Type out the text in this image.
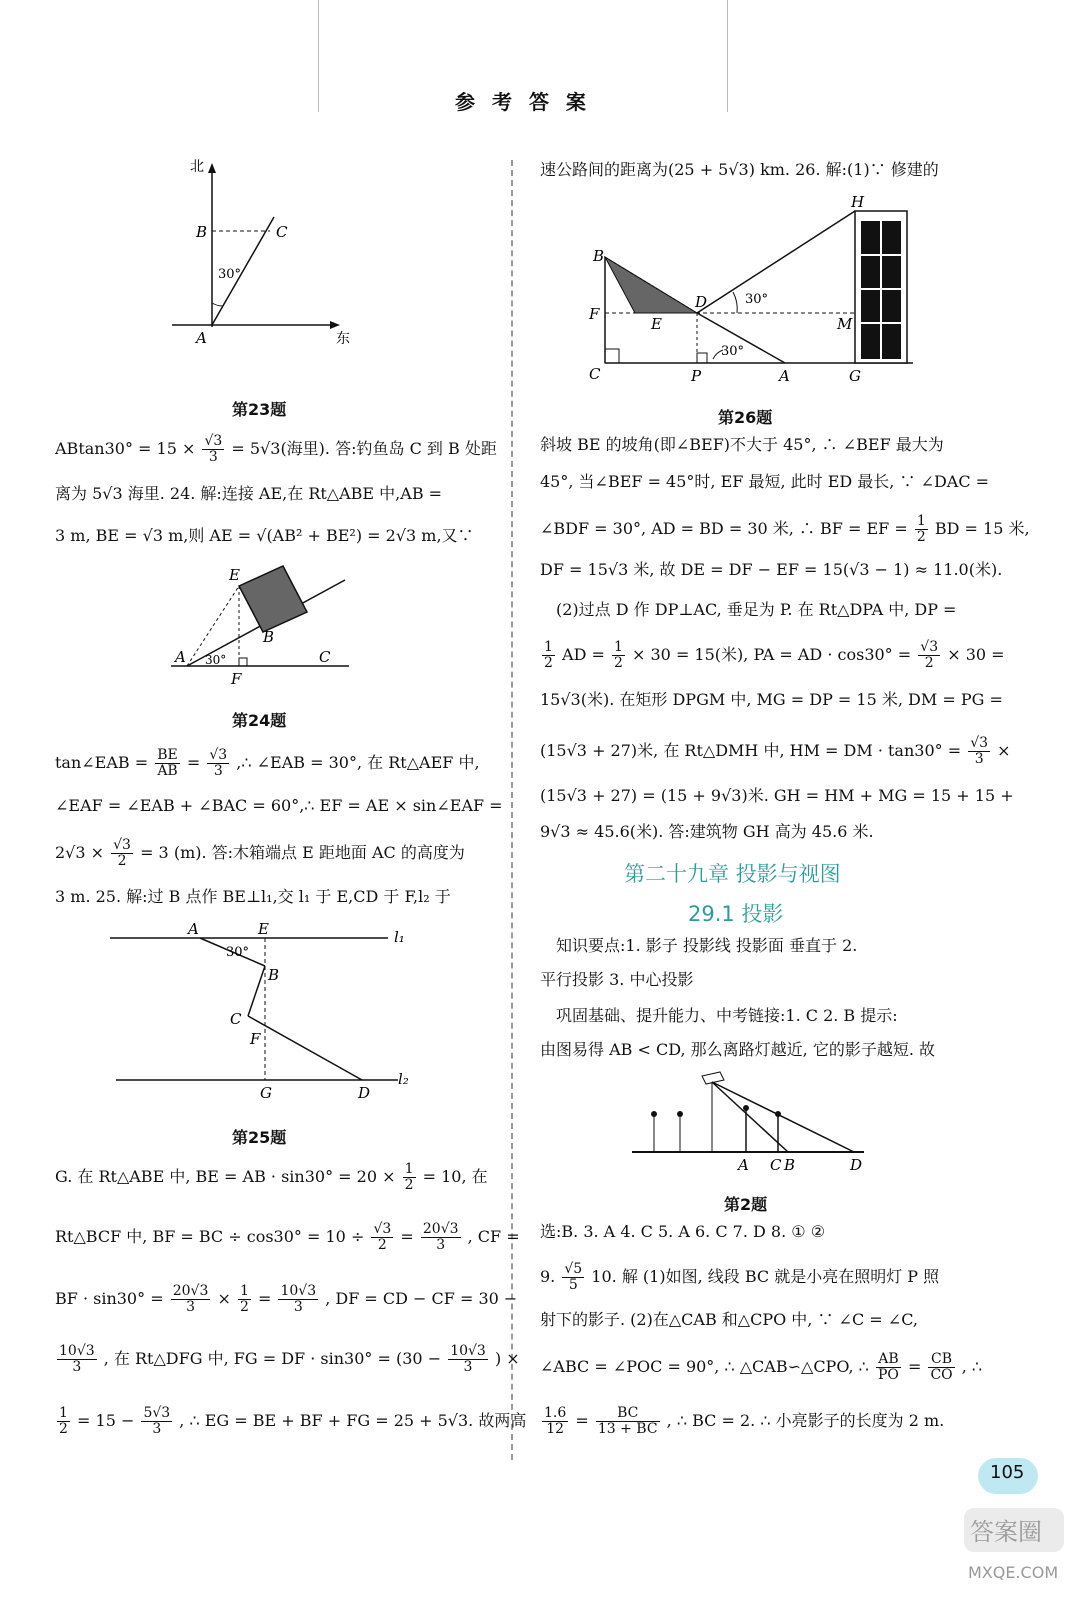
参 考 答 案
北
东
A
B	C
30°
第23题
$ABtan30^\circ = 15 \times \frac{√3}{3} = 5√3$(海里). 答:钓鱼岛 C 到 B 处距
离为 5√3 海里. 24. 解:连接 AE,在 Rt△ABE 中,AB =
3 m, BE = √3 m,则 AE = √(AB² + BE²) = 2√3 m,又∵
E
B
A
F
C
30°
第24题
tan∠EAB = $\frac{BE}{AB} = \frac{√3}{3}$ ,∴ ∠EAB = 30°, 在 Rt△AEF 中,
∠EAF = ∠EAB + ∠BAC = 60°,∴ EF = AE × sin∠EAF =
$2√3 \times \frac{√3}{2} = 3$ (m). 答:木箱端点 E 距地面 AC 的高度为
3 m. 25. 解:过 B 点作 BE⊥l₁,交 l₁ 于 E,CD 于 F,l₂ 于
A	E
B
C
F
G	D
l₁
l₂
30°
第25题
G. 在 Rt△ABE 中, BE = AB · $\sin 30^\circ = 20 \times \frac{1}{2} = 10$, 在
Rt△BCF 中, BF = BC ÷ $\cos 30^\circ = 10 \div \frac{√3}{2} = \frac{20√3}{3}$ , CF =
BF · $\sin 30^\circ = \frac{20√3}{3} \times \frac{1}{2} = \frac{10√3}{3}$ , DF = CD − CF = 30 −
$\frac{10√3}{3}$ , 在 Rt△DFG 中, FG = DF · $\sin 30^\circ = (30 - \frac{10√3}{3}$ ) ×
$\frac{1}{2} = 15 - \frac{5√3}{3}$ , ∴ EG = BE + BF + FG = 25 + 5√3. 故两高
速公路间的距离为(25 + 5√3) km. 26. 解:(1)∵ 修建的
H
B
F
E
D
M
C	P	A	G
30°
30°
第26题
斜坡 BE 的坡角(即∠BEF)不大于 45°, ∴ ∠BEF 最大为
45°, 当∠BEF = 45°时, EF 最短, 此时 ED 最长, ∵ ∠DAC =
∠BDF = 30°, AD = BD = 30 米, ∴ BF = EF = $\frac{1}{2}$ BD = 15 米,
DF = 15√3 米, 故 DE = DF − EF = 15(√3 − 1) ≈ 11.0(米).
(2)过点 D 作 DP⊥AC, 垂足为 P. 在 Rt△DPA 中, DP =
$\frac{1}{2}$ AD = $\frac{1}{2} \times 30 = 15$(米), PA = AD · $\cos 30^\circ = \frac{√3}{2} \times 30$ =
15√3(米). 在矩形 DPGM 中, MG = DP = 15 米, DM = PG =
(15√3 + 27)米, 在 Rt△DMH 中, HM = DM · $\tan 30^\circ = \frac{√3}{3}$ ×
(15√3 + 27) = (15 + 9√3)米. GH = HM + MG = 15 + 15 +
9√3 ≈ 45.6(米). 答:建筑物 GH 高为 45.6 米.
第二十九章 投影与视图
29.1 投影
知识要点:1. 影子 投影线 投影面 垂直于 2.
平行投影 3. 中心投影
巩固基础、提升能力、中考链接:1. C 2. B 提示:
由图易得 AB < CD, 那么离路灯越近, 它的影子越短. 故
A C B	D
第2题
选:B. 3. A 4. C 5. A 6. C 7. D 8. ① ②
9. $\frac{√5}{5} 10$. 解 (1)如图, 线段 BC 就是小亮在照明灯 P 照
射下的影子. (2)在△CAB 和△CPO 中, ∵ ∠C = ∠C,
∠ABC = ∠POC = 90°, ∴ △CAB∽△CPO, ∴ $\frac{AB}{PO} = \frac{CB}{CO}$ , ∴
$\frac{1.6}{12} = \frac{BC}{13 + BC}$ , ∴ BC = 2. ∴ 小亮影子的长度为 2 m.
105
答案圈
MXQE.COM
